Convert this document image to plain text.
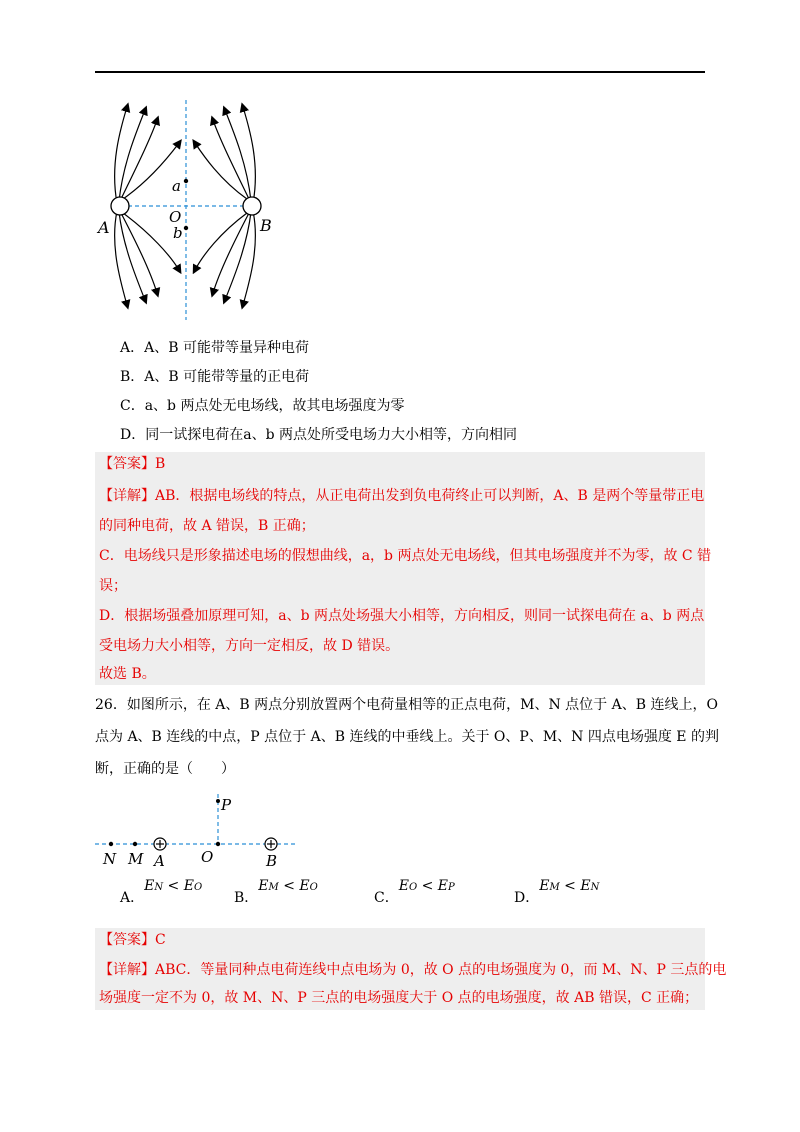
a
O
b
A	B
A．A、B 可能带等量异种电荷
B．A、B 可能带等量的正电荷
C．a、b 两点处无电场线，故其电场强度为零
D．同一试探电荷在a、b 两点处所受电场力大小相等，方向相同
【答案】B
【详解】AB．根据电场线的特点，从正电荷出发到负电荷终止可以判断，A、B 是两个等量带正电
的同种电荷，故 A 错误，B 正确；
C．电场线只是形象描述电场的假想曲线，a，b 两点处无电场线，但其电场强度并不为零，故 C 错
误；
D．根据场强叠加原理可知，a、b 两点处场强大小相等，方向相反，则同一试探电荷在 a、b 两点
受电场力大小相等，方向一定相反，故 D 错误。
故选 B。
26．如图所示，在 A、B 两点分别放置两个电荷量相等的正点电荷，M、N 点位于 A、B 连线上，O
点为 A、B 连线的中点，P 点位于 A、B 连线的中垂线上。关于 O、P、M、N 四点电场强度 E 的判
断，正确的是（　　）
P
N M A O	B
A．EN < EO
B．EM < EO
C．EO < EP
D．EM < EN
【答案】C
【详解】ABC．等量同种点电荷连线中点电场为 0，故 O 点的电场强度为 0，而 M、N、P 三点的电
场强度一定不为 0，故 M、N、P 三点的电场强度大于 O 点的电场强度，故 AB 错误，C 正确；
